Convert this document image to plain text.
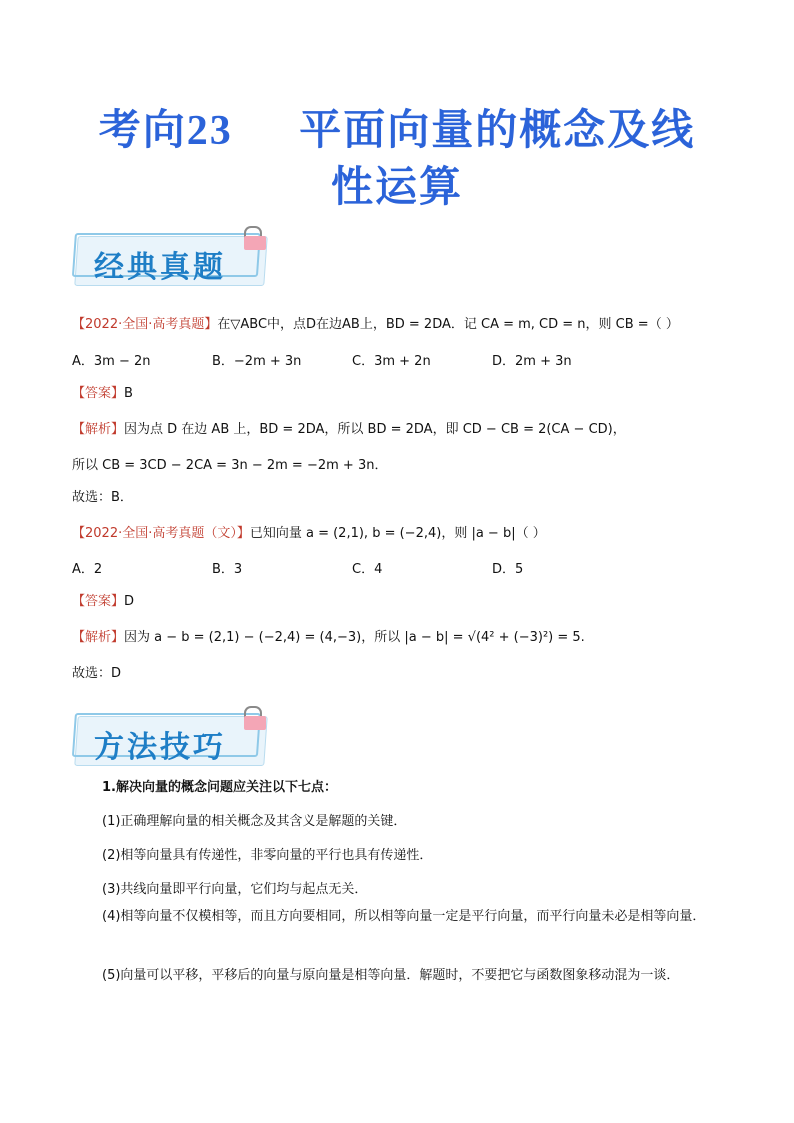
考向23 平面向量的概念及线
性运算
经典真题
【2022·全国·高考真题】在▽ABC中，点D在边AB上，BD = 2DA．记 CA = m, CD = n，则 CB =（ ）
A．3m − 2n	B．−2m + 3n	C．3m + 2n	D．2m + 3n
【答案】B
【解析】因为点 D 在边 AB 上，BD = 2DA，所以 BD = 2DA，即 CD − CB = 2(CA − CD)，
所以 CB = 3CD − 2CA = 3n − 2m = −2m + 3n．
故选：B．
【2022·全国·高考真题（文）】已知向量 a = (2,1), b = (−2,4)，则 |a − b|（ ）
A．2	B．3	C．4	D．5
【答案】D
【解析】因为 a − b = (2,1) − (−2,4) = (4,−3)，所以 |a − b| = √(4² + (−3)²) = 5.
故选：D
方法技巧
1.解决向量的概念问题应关注以下七点：
(1)正确理解向量的相关概念及其含义是解题的关键．
(2)相等向量具有传递性，非零向量的平行也具有传递性．
(3)共线向量即平行向量，它们均与起点无关．
(4)相等向量不仅模相等，而且方向要相同，所以相等向量一定是平行向量，而平行向量未必是相等向量．
(5)向量可以平移，平移后的向量与原向量是相等向量．解题时，不要把它与函数图象移动混为一谈．
